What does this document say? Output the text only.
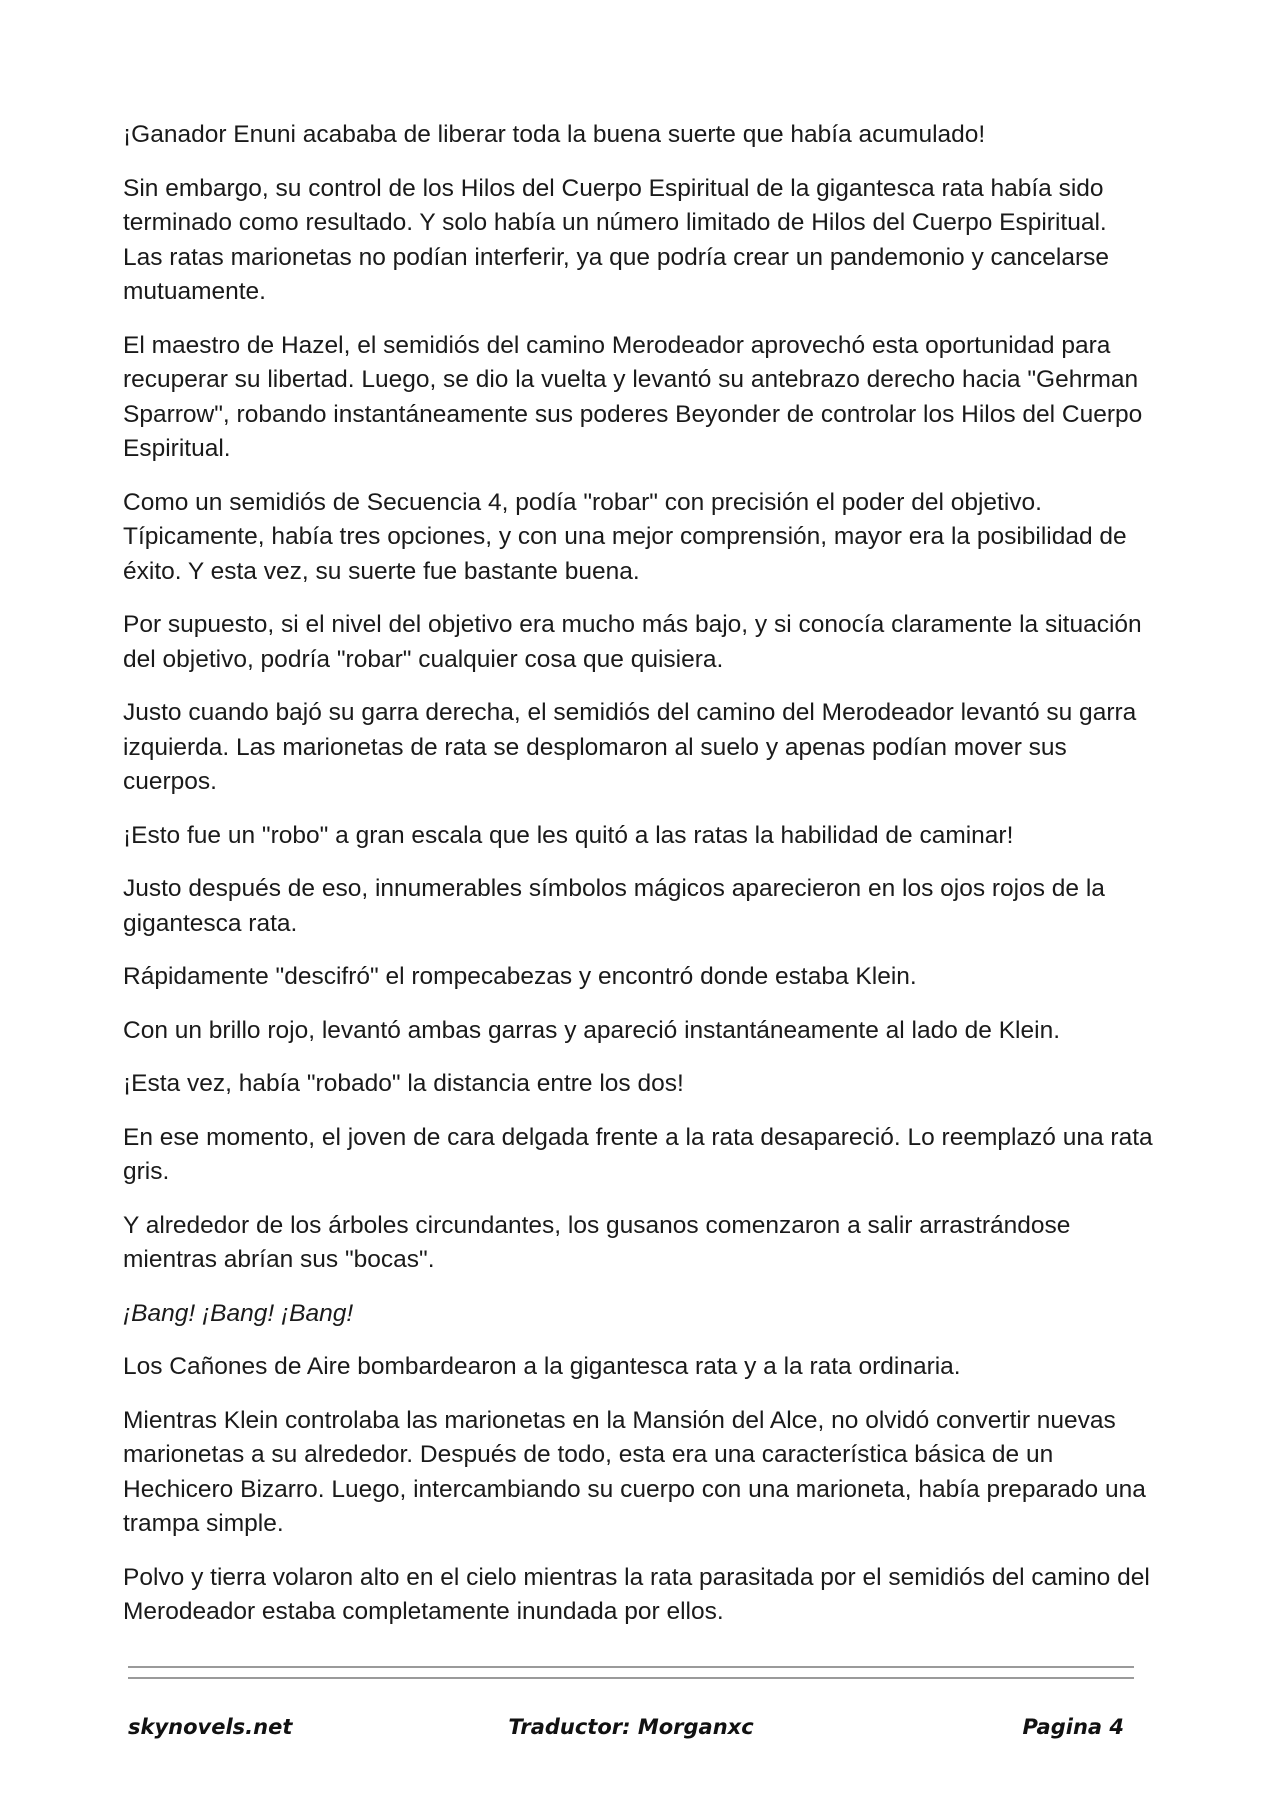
¡Ganador Enuni acababa de liberar toda la buena suerte que había acumulado!

Sin embargo, su control de los Hilos del Cuerpo Espiritual de la gigantesca rata había sido terminado como resultado. Y solo había un número limitado de Hilos del Cuerpo Espiritual. Las ratas marionetas no podían interferir, ya que podría crear un pandemonio y cancelarse mutuamente.

El maestro de Hazel, el semidiós del camino Merodeador aprovechó esta oportunidad para recuperar su libertad. Luego, se dio la vuelta y levantó su antebrazo derecho hacia "Gehrman Sparrow", robando instantáneamente sus poderes Beyonder de controlar los Hilos del Cuerpo Espiritual.

Como un semidiós de Secuencia 4, podía "robar" con precisión el poder del objetivo. Típicamente, había tres opciones, y con una mejor comprensión, mayor era la posibilidad de éxito. Y esta vez, su suerte fue bastante buena.

Por supuesto, si el nivel del objetivo era mucho más bajo, y si conocía claramente la situación del objetivo, podría "robar" cualquier cosa que quisiera.

Justo cuando bajó su garra derecha, el semidiós del camino del Merodeador levantó su garra izquierda. Las marionetas de rata se desplomaron al suelo y apenas podían mover sus cuerpos.

¡Esto fue un "robo" a gran escala que les quitó a las ratas la habilidad de caminar!

Justo después de eso, innumerables símbolos mágicos aparecieron en los ojos rojos de la gigantesca rata.

Rápidamente "descifró" el rompecabezas y encontró donde estaba Klein.

Con un brillo rojo, levantó ambas garras y apareció instantáneamente al lado de Klein.

¡Esta vez, había "robado" la distancia entre los dos!

En ese momento, el joven de cara delgada frente a la rata desapareció. Lo reemplazó una rata gris.

Y alrededor de los árboles circundantes, los gusanos comenzaron a salir arrastrándose mientras abrían sus "bocas".

¡Bang! ¡Bang! ¡Bang!

Los Cañones de Aire bombardearon a la gigantesca rata y a la rata ordinaria.

Mientras Klein controlaba las marionetas en la Mansión del Alce, no olvidó convertir nuevas marionetas a su alrededor. Después de todo, esta era una característica básica de un Hechicero Bizarro. Luego, intercambiando su cuerpo con una marioneta, había preparado una trampa simple.

Polvo y tierra volaron alto en el cielo mientras la rata parasitada por el semidiós del camino del Merodeador estaba completamente inundada por ellos.

skynovels.net	Traductor: Morganxc	Pagina 4
